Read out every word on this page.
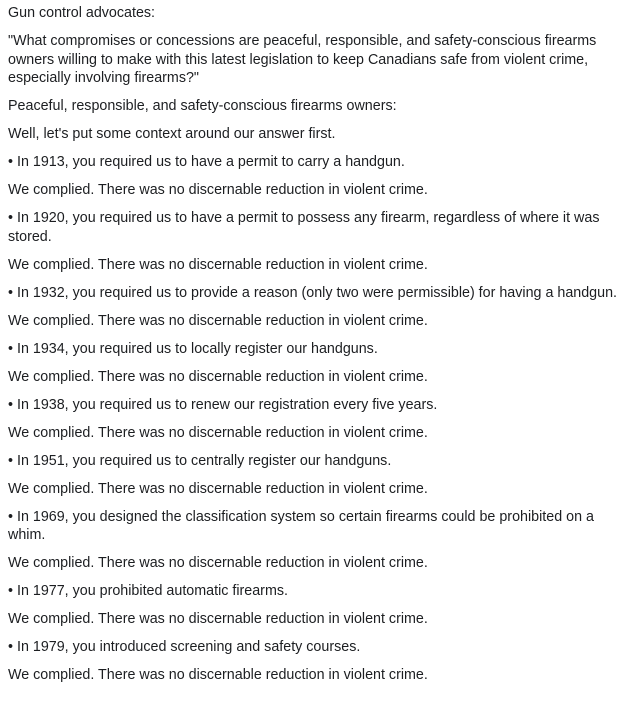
Gun control advocates:

"What compromises or concessions are peaceful, responsible, and safety-conscious firearms owners willing to make with this latest legislation to keep Canadians safe from violent crime, especially involving firearms?"

Peaceful, responsible, and safety-conscious firearms owners:

Well, let's put some context around our answer first.

• In 1913, you required us to have a permit to carry a handgun.

We complied. There was no discernable reduction in violent crime.

• In 1920, you required us to have a permit to possess any firearm, regardless of where it was stored.

We complied. There was no discernable reduction in violent crime.

• In 1932, you required us to provide a reason (only two were permissible) for having a handgun.

We complied. There was no discernable reduction in violent crime.

• In 1934, you required us to locally register our handguns.

We complied. There was no discernable reduction in violent crime.

• In 1938, you required us to renew our registration every five years.

We complied. There was no discernable reduction in violent crime.

• In 1951, you required us to centrally register our handguns.

We complied. There was no discernable reduction in violent crime.

• In 1969, you designed the classification system so certain firearms could be prohibited on a whim.

We complied. There was no discernable reduction in violent crime.

• In 1977, you prohibited automatic firearms.

We complied. There was no discernable reduction in violent crime.

• In 1979, you introduced screening and safety courses.

We complied. There was no discernable reduction in violent crime.
